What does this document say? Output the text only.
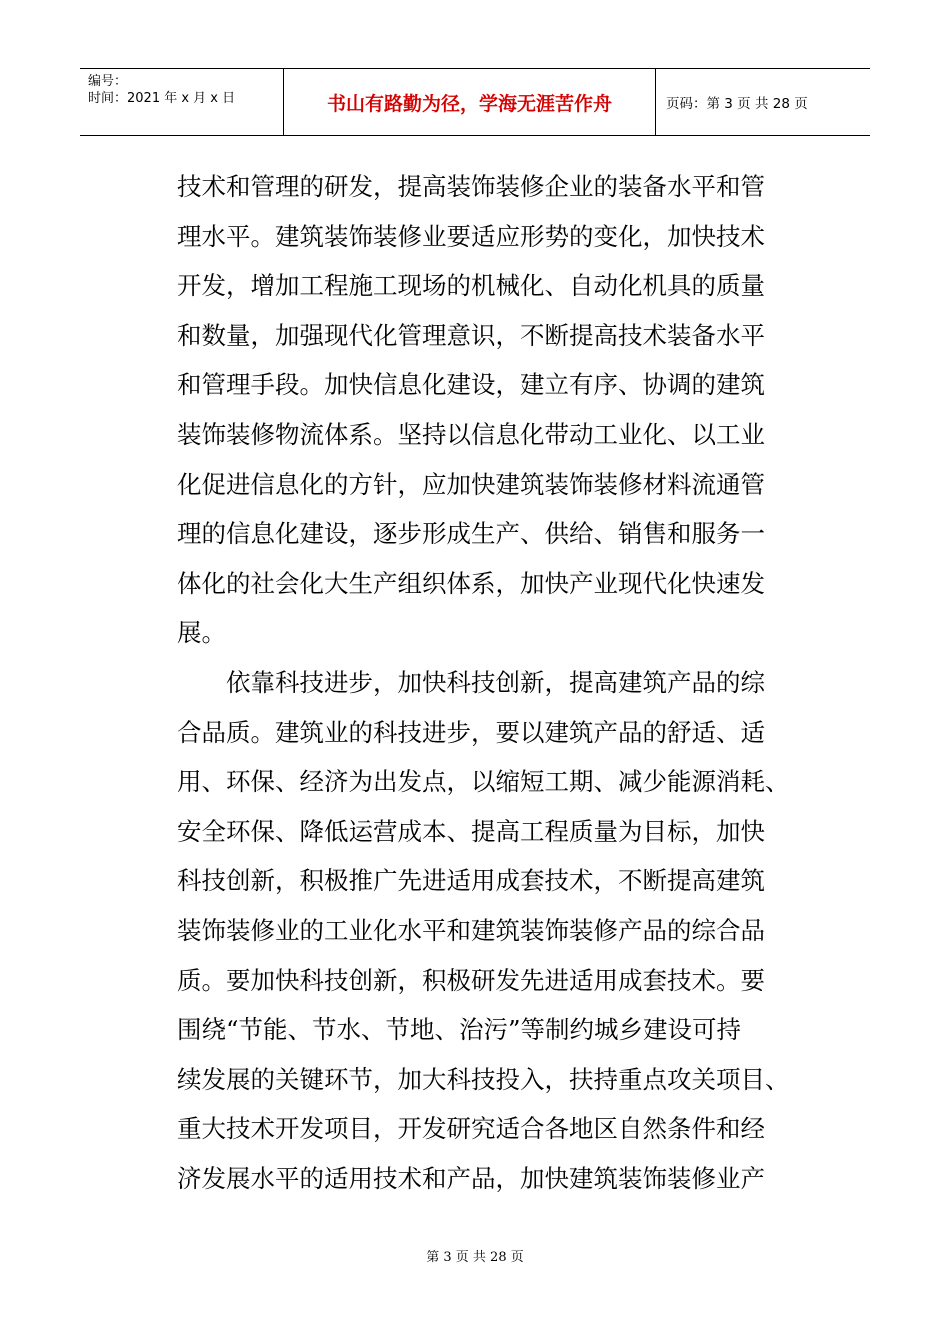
编号：
时间：2021 年 x 月 x 日	书山有路勤为径，学海无涯苦作舟	页码：第 3 页 共 28 页

技术和管理的研发，提高装饰装修企业的装备水平和管
理水平。建筑装饰装修业要适应形势的变化，加快技术
开发，增加工程施工现场的机械化、自动化机具的质量
和数量，加强现代化管理意识，不断提高技术装备水平
和管理手段。加快信息化建设，建立有序、协调的建筑
装饰装修物流体系。坚持以信息化带动工业化、以工业
化促进信息化的方针，应加快建筑装饰装修材料流通管
理的信息化建设，逐步形成生产、供给、销售和服务一
体化的社会化大生产组织体系，加快产业现代化快速发
展。

依靠科技进步，加快科技创新，提高建筑产品的综
合品质。建筑业的科技进步，要以建筑产品的舒适、适
用、环保、经济为出发点，以缩短工期、减少能源消耗、
安全环保、降低运营成本、提高工程质量为目标，加快
科技创新，积极推广先进适用成套技术，不断提高建筑
装饰装修业的工业化水平和建筑装饰装修产品的综合品
质。要加快科技创新，积极研发先进适用成套技术。要
围绕“节能、节水、节地、治污”等制约城乡建设可持
续发展的关键环节，加大科技投入，扶持重点攻关项目、
重大技术开发项目，开发研究适合各地区自然条件和经
济发展水平的适用技术和产品，加快建筑装饰装修业产

第 3 页 共 28 页
